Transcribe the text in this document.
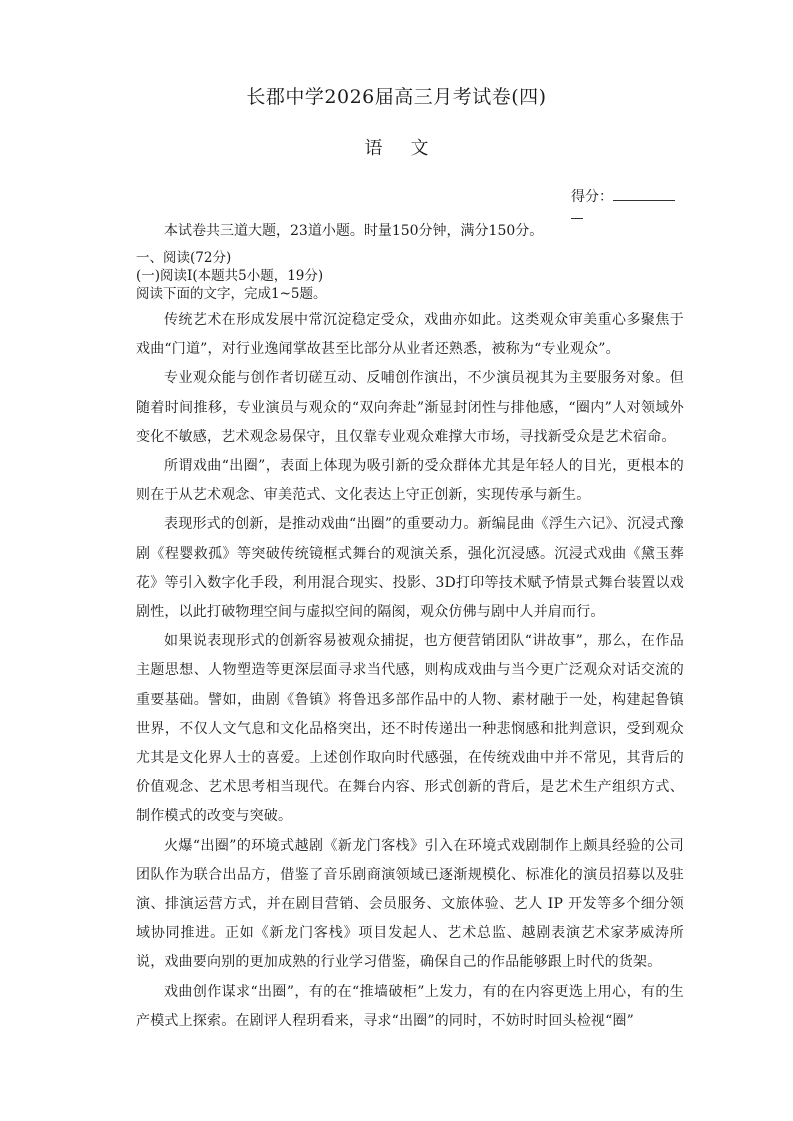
长郡中学2026届高三月考试卷(四)
语文
得分：

本试卷共三道大题，23道小题。时量150分钟，满分150分。

一、阅读(72分)

(一)阅读Ⅰ(本题共5小题，19分)

阅读下面的文字，完成1~5题。

传统艺术在形成发展中常沉淀稳定受众，戏曲亦如此。这类观众审美重心多聚焦于戏曲“门道”，对行业逸闻掌故甚至比部分从业者还熟悉，被称为“专业观众”。

专业观众能与创作者切磋互动、反哺创作演出，不少演员视其为主要服务对象。但随着时间推移，专业演员与观众的“双向奔赴”渐显封闭性与排他感，“圈内”人对领域外变化不敏感，艺术观念易保守，且仅靠专业观众难撑大市场，寻找新受众是艺术宿命。

所谓戏曲“出圈”，表面上体现为吸引新的受众群体尤其是年轻人的目光，更根本的则在于从艺术观念、审美范式、文化表达上守正创新，实现传承与新生。

表现形式的创新，是推动戏曲“出圈”的重要动力。新编昆曲《浮生六记》、沉浸式豫剧《程婴救孤》等突破传统镜框式舞台的观演关系，强化沉浸感。沉浸式戏曲《黛玉葬花》等引入数字化手段，利用混合现实、投影、3D打印等技术赋予情景式舞台装置以戏剧性，以此打破物理空间与虚拟空间的隔阂，观众仿佛与剧中人并肩而行。

如果说表现形式的创新容易被观众捕捉，也方便营销团队“讲故事”，那么，在作品主题思想、人物塑造等更深层面寻求当代感，则构成戏曲与当今更广泛观众对话交流的重要基础。譬如，曲剧《鲁镇》将鲁迅多部作品中的人物、素材融于一处，构建起鲁镇世界，不仅人文气息和文化品格突出，还不时传递出一种悲悯感和批判意识，受到观众尤其是文化界人士的喜爱。上述创作取向时代感强，在传统戏曲中并不常见，其背后的价值观念、艺术思考相当现代。在舞台内容、形式创新的背后，是艺术生产组织方式、制作模式的改变与突破。

火爆“出圈”的环境式越剧《新龙门客栈》引入在环境式戏剧制作上颇具经验的公司团队作为联合出品方，借鉴了音乐剧商演领域已逐渐规模化、标准化的演员招募以及驻演、排演运营方式，并在剧目营销、会员服务、文旅体验、艺人 IP 开发等多个细分领域协同推进。正如《新龙门客栈》项目发起人、艺术总监、越剧表演艺术家茅威涛所说，戏曲要向别的更加成熟的行业学习借鉴，确保自己的作品能够跟上时代的货架。

戏曲创作谋求“出圈”，有的在“推墙破柜”上发力，有的在内容更选上用心，有的生产模式上探索。在剧评人程玥看来，寻求“出圈”的同时，不妨时时回头检视“圈”
